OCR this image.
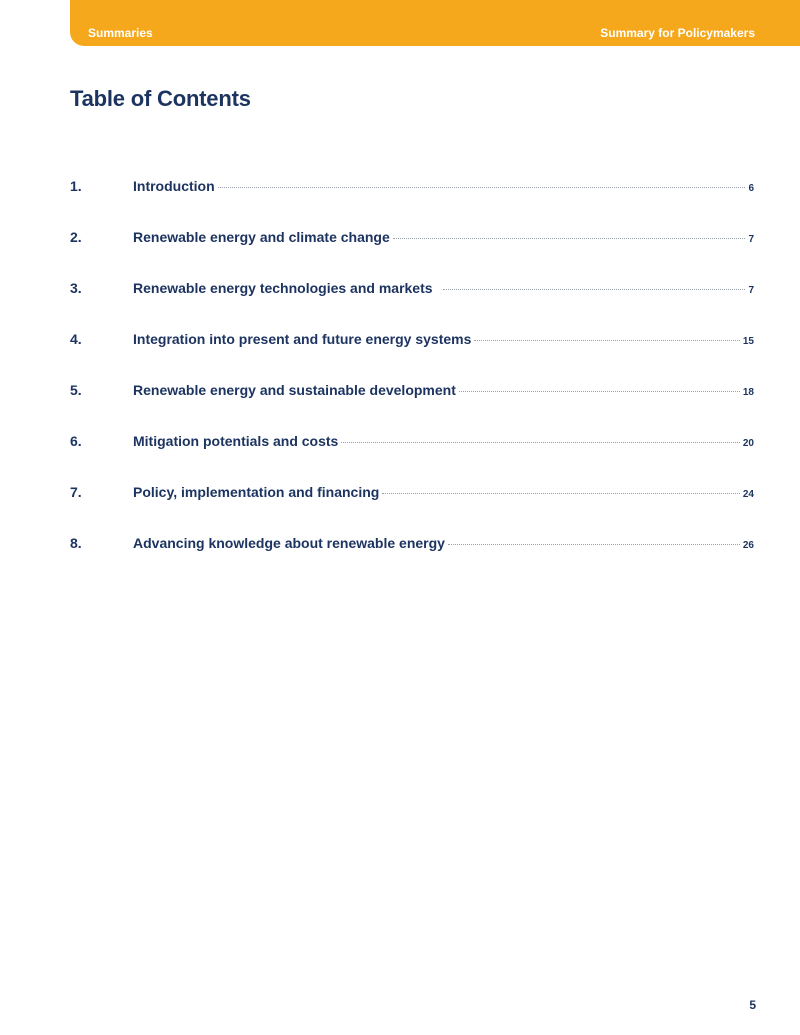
Summaries	Summary for Policymakers
Table of Contents
1.	Introduction	6
2.	Renewable energy and climate change	7
3.	Renewable energy technologies and markets	7
4.	Integration into present and future energy systems	15
5.	Renewable energy and sustainable development	18
6.	Mitigation potentials and costs	20
7.	Policy, implementation and financing	24
8.	Advancing knowledge about renewable energy	26
5
